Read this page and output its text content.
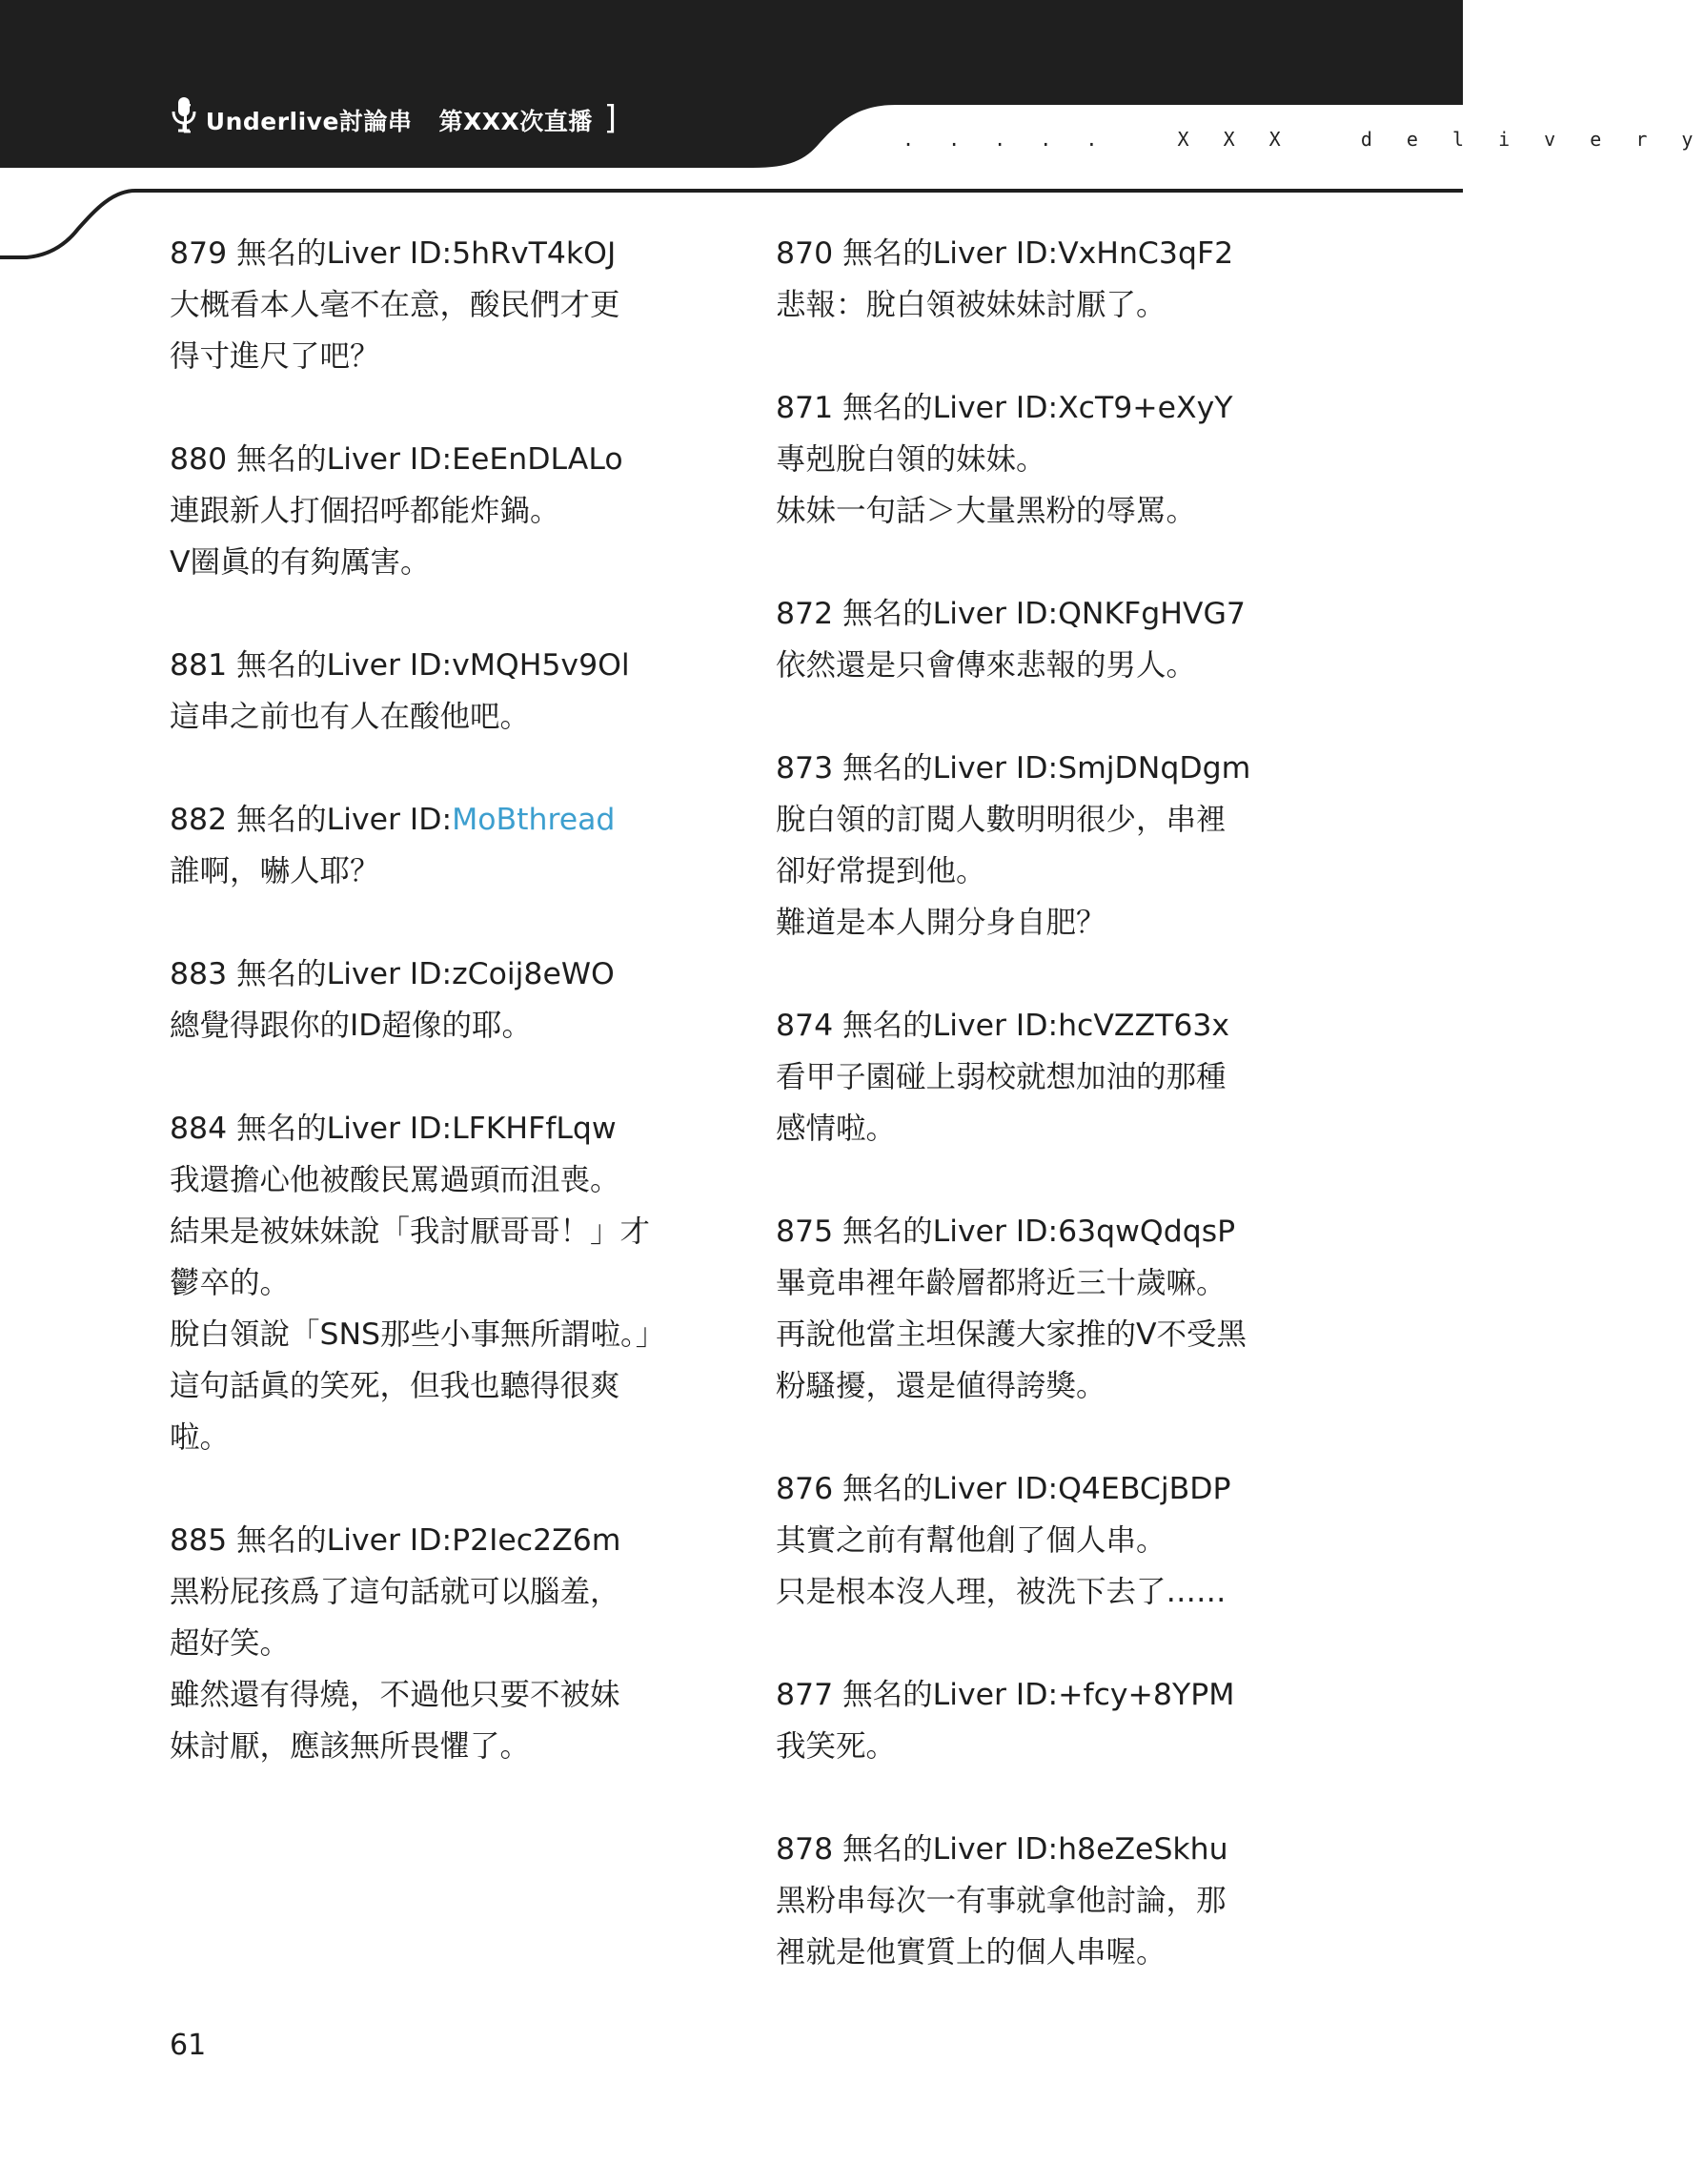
[ Underlive討論串 第XXX次直播 ]
. . . . .   X X X   d e l i v e r y
879 無名的Liver ID:5hRvT4kOJ
大概看本人毫不在意，酸民們才更
得寸進尺了吧？
880 無名的Liver ID:EeEnDLALo
連跟新人打個招呼都能炸鍋。
V圈眞的有夠厲害。
881 無名的Liver ID:vMQH5v9Ol
這串之前也有人在酸他吧。
882 無名的Liver ID:MoBthread
誰啊，嚇人耶？
883 無名的Liver ID:zCoij8eWO
總覺得跟你的ID超像的耶。
884 無名的Liver ID:LFKHFfLqw
我還擔心他被酸民罵過頭而沮喪。
結果是被妹妹說「我討厭哥哥！」才
鬱卒的。
脫白領說「SNS那些小事無所謂啦。」
這句話眞的笑死，但我也聽得很爽
啦。
885 無名的Liver ID:P2Iec2Z6m
黑粉屁孩爲了這句話就可以腦羞，
超好笑。
雖然還有得燒，不過他只要不被妹
妹討厭，應該無所畏懼了。
870 無名的Liver ID:VxHnC3qF2
悲報：脫白領被妹妹討厭了。
871 無名的Liver ID:XcT9+eXyY
專剋脫白領的妹妹。
妹妹一句話＞大量黑粉的辱罵。
872 無名的Liver ID:QNKFgHVG7
依然還是只會傳來悲報的男人。
873 無名的Liver ID:SmjDNqDgm
脫白領的訂閱人數明明很少，串裡
卻好常提到他。
難道是本人開分身自肥？
874 無名的Liver ID:hcVZZT63x
看甲子園碰上弱校就想加油的那種
感情啦。
875 無名的Liver ID:63qwQdqsP
畢竟串裡年齡層都將近三十歲嘛。
再說他當主坦保護大家推的V不受黑
粉騷擾，還是値得誇獎。
876 無名的Liver ID:Q4EBCjBDP
其實之前有幫他創了個人串。
只是根本沒人理，被洗下去了……
877 無名的Liver ID:+fcy+8YPM
我笑死。
878 無名的Liver ID:h8eZeSkhu
黑粉串每次一有事就拿他討論，那
裡就是他實質上的個人串喔。
61
